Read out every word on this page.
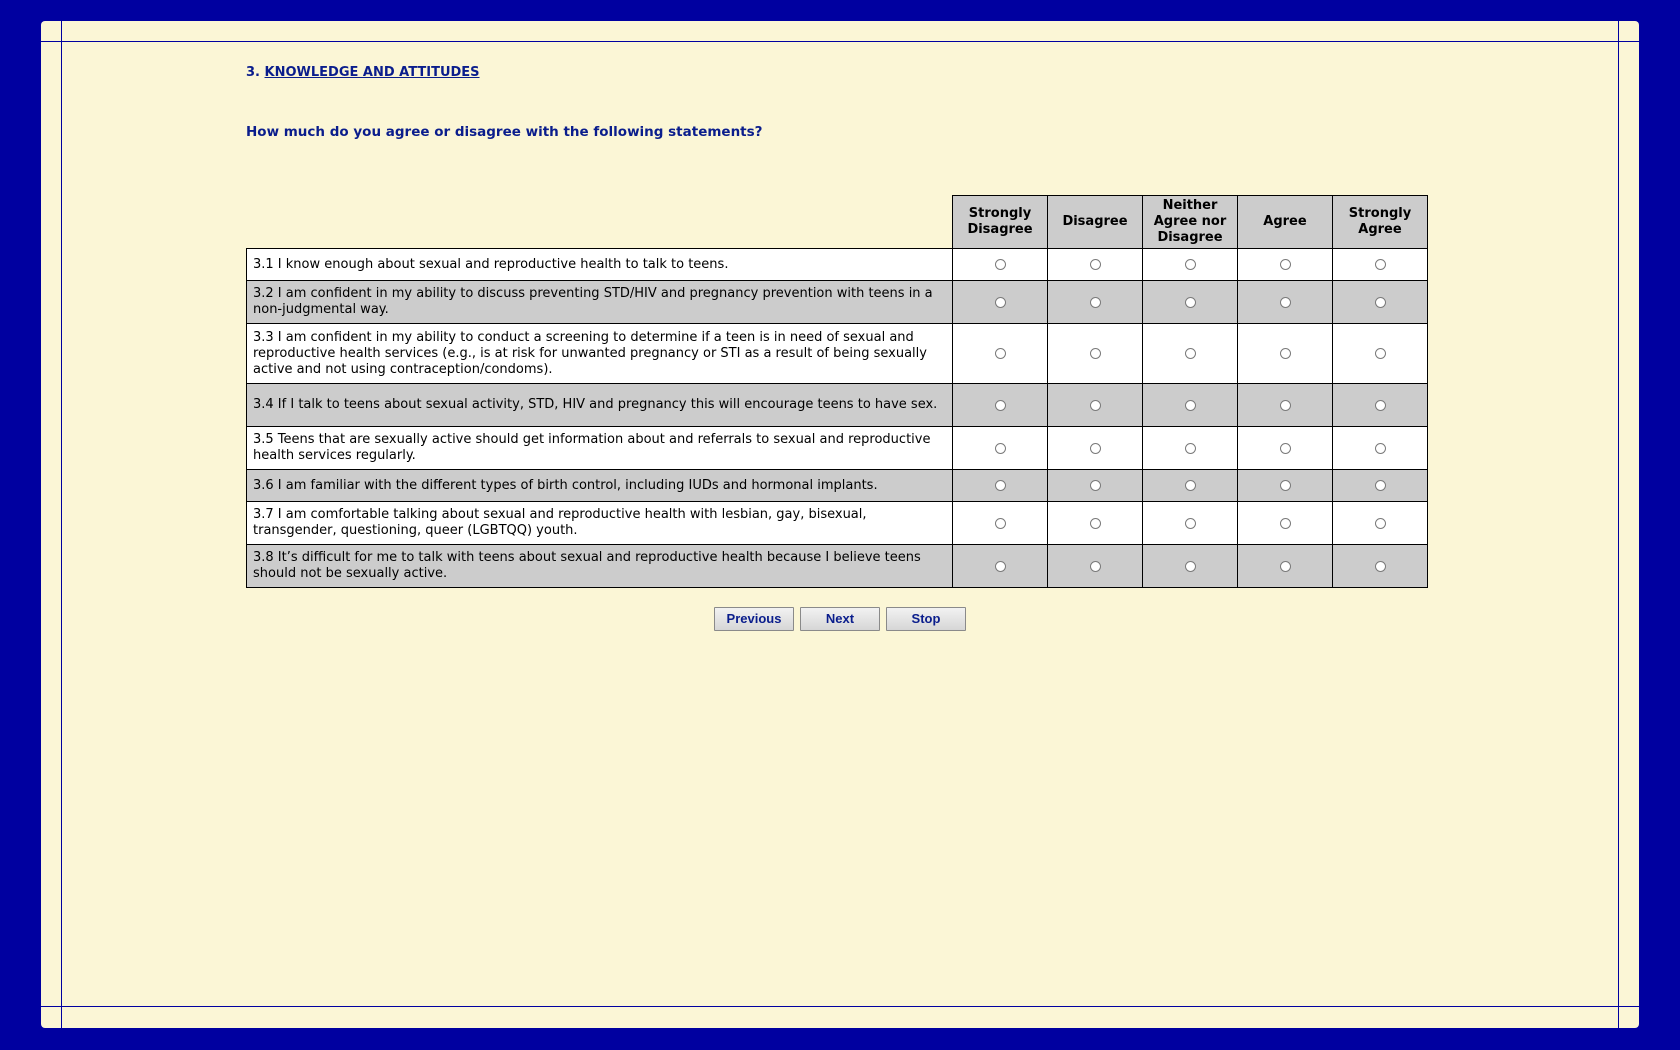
3. KNOWLEDGE AND ATTITUDES

How much do you agree or disagree with the following statements?
	Strongly Disagree	Disagree	Neither Agree nor Disagree	Agree	Strongly Agree
3.1 I know enough about sexual and reproductive health to talk to teens.					
3.2 I am confident in my ability to discuss preventing STD/HIV and pregnancy prevention with teens in a non-judgmental way.					
3.3 I am confident in my ability to conduct a screening to determine if a teen is in need of sexual and reproductive health services (e.g., is at risk for unwanted pregnancy or STI as a result of being sexually active and not using contraception/condoms).					
3.4 If I talk to teens about sexual activity, STD, HIV and pregnancy this will encourage teens to have sex.					
3.5 Teens that are sexually active should get information about and referrals to sexual and reproductive health services regularly.					
3.6 I am familiar with the different types of birth control, including IUDs and hormonal implants.					
3.7 I am comfortable talking about sexual and reproductive health with lesbian, gay, bisexual, transgender, questioning, queer (LGBTQQ) youth.					
3.8 It’s difficult for me to talk with teens about sexual and reproductive health because I believe teens should not be sexually active.					
Previous	Next	Stop
